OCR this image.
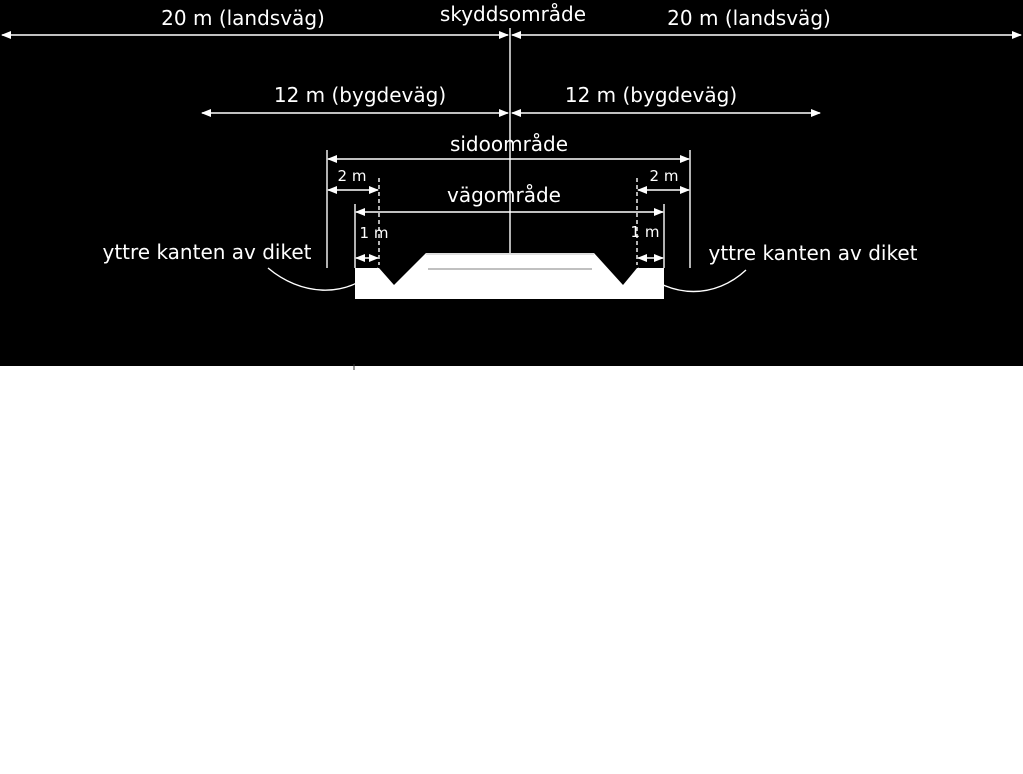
skyddsområde
20 m (landsväg)	20 m (landsväg)
12 m (bygdeväg)	12 m (bygdeväg)
sidoområde
vägområde
2 m	2 m
1 m	1 m
yttre kanten av diket	yttre kanten av diket
